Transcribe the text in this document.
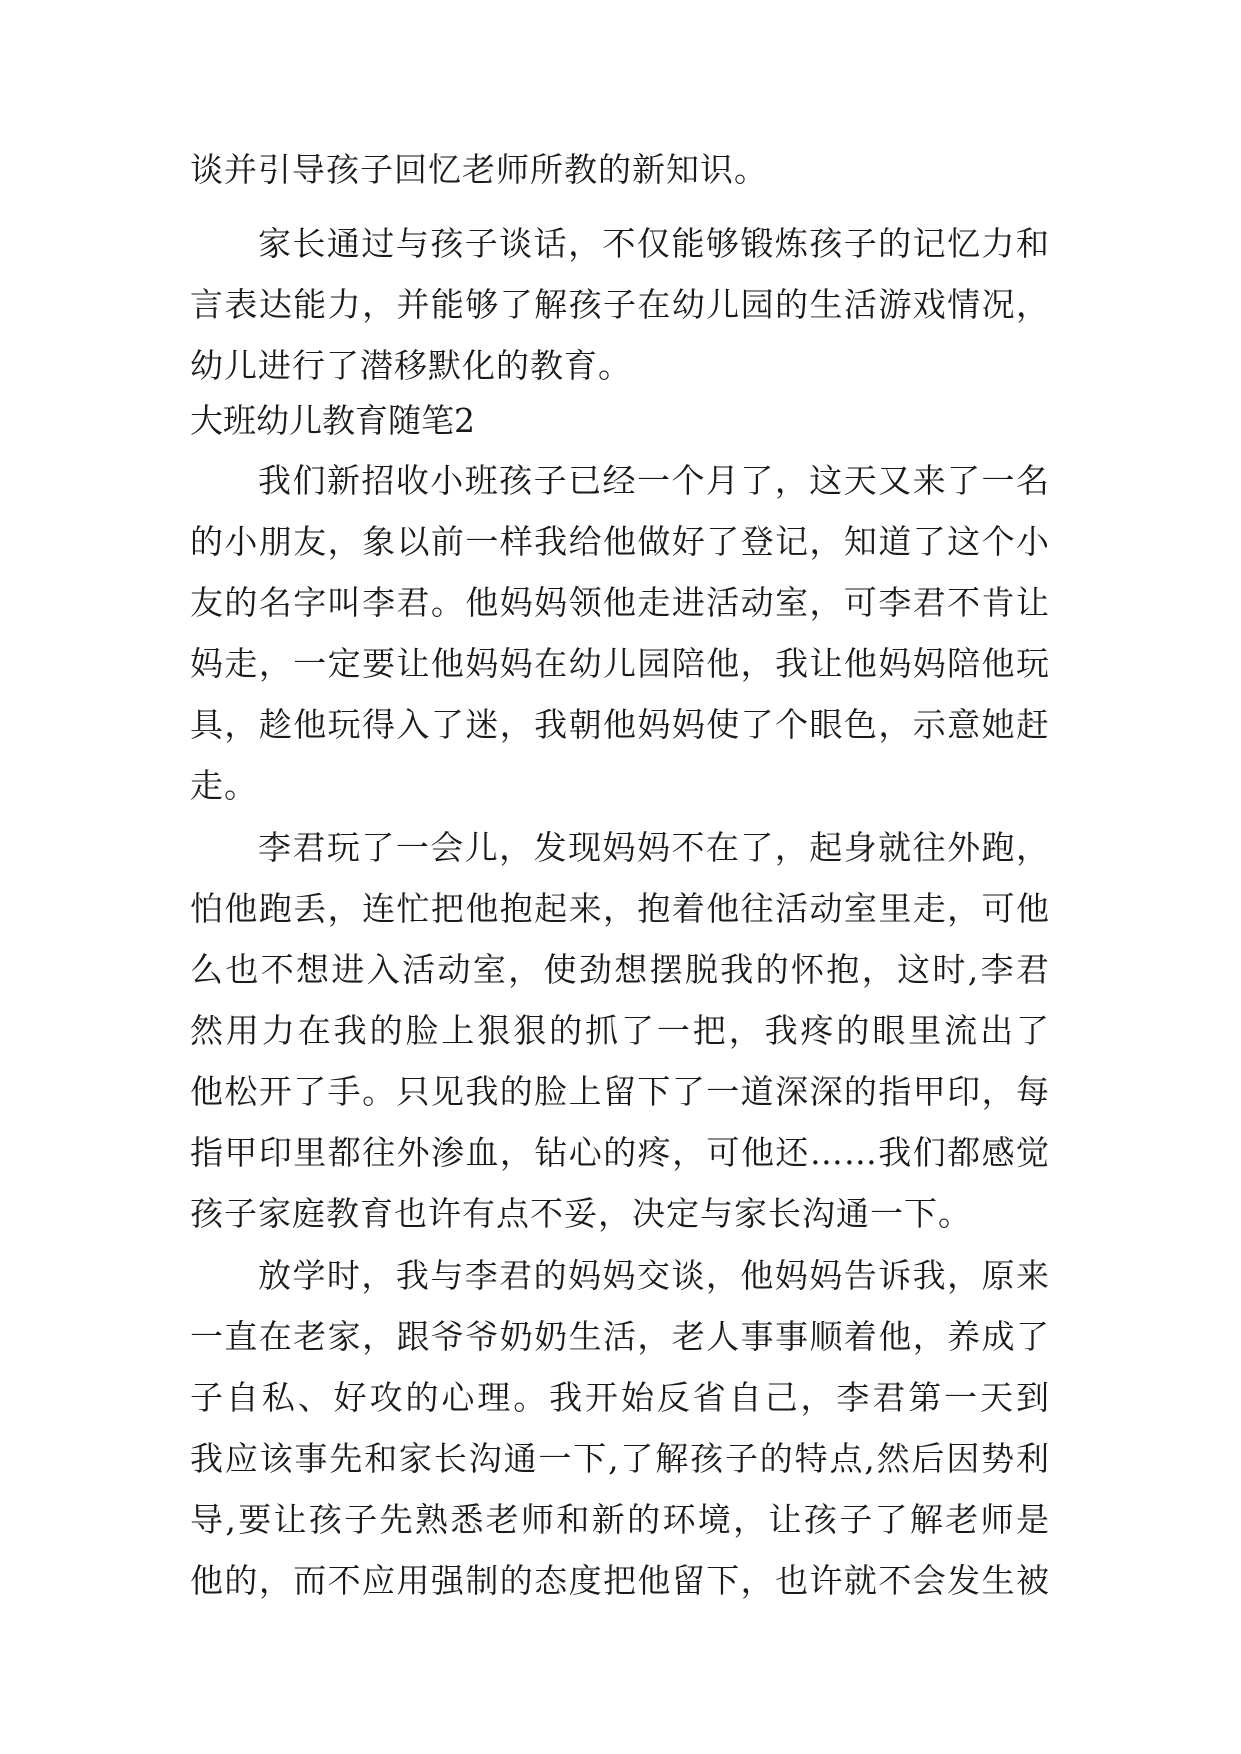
谈并引导孩子回忆老师所教的新知识。
家长通过与孩子谈话，不仅能够锻炼孩子的记忆力和
言表达能力，并能够了解孩子在幼儿园的生活游戏情况，
幼儿进行了潜移默化的教育。
大班幼儿教育随笔2
我们新招收小班孩子已经一个月了，这天又来了一名
的小朋友，象以前一样我给他做好了登记，知道了这个小
友的名字叫李君。他妈妈领他走进活动室，可李君不肯让
妈走，一定要让他妈妈在幼儿园陪他，我让他妈妈陪他玩
具，趁他玩得入了迷，我朝他妈妈使了个眼色，示意她赶
走。
李君玩了一会儿，发现妈妈不在了，起身就往外跑，
怕他跑丢，连忙把他抱起来，抱着他往活动室里走，可他
么也不想进入活动室，使劲想摆脱我的怀抱，这时,李君
然用力在我的脸上狠狠的抓了一把，我疼的眼里流出了
他松开了手。只见我的脸上留下了一道深深的指甲印，每
指甲印里都往外渗血，钻心的疼，可他还……我们都感觉
孩子家庭教育也许有点不妥，决定与家长沟通一下。
放学时，我与李君的妈妈交谈，他妈妈告诉我，原来
一直在老家，跟爷爷奶奶生活，老人事事顺着他，养成了
子自私、好攻的心理。我开始反省自己，李君第一天到
我应该事先和家长沟通一下,了解孩子的特点,然后因势利
导,要让孩子先熟悉老师和新的环境，让孩子了解老师是
他的，而不应用强制的态度把他留下，也许就不会发生被
